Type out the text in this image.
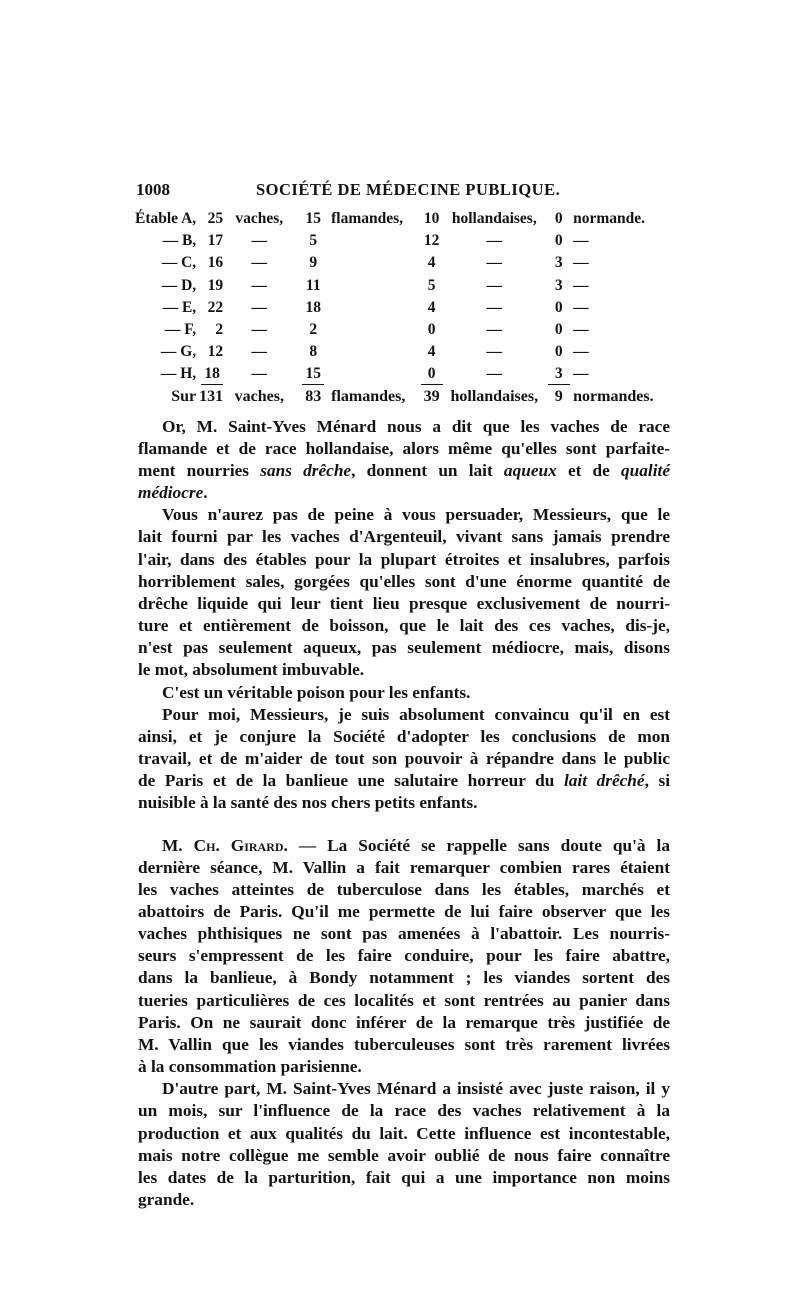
1008	SOCIÉTÉ DE MÉDECINE PUBLIQUE.
Étable A,	25	vaches,	15	flamandes,	10	hollandaises,	0	normande.
— B,	17	—	5		12	—	0	—
— C,	16	—	9		4	—	3	—
— D,	19	—	11		5	—	3	—
— E,	22	—	18		4	—	0	—
— F,	2	—	2		0	—	0	—
— G,	12	—	8		4	—	0	—
— H,	18	—	15		0	—	3	—
Sur	131	vaches,	83	flamandes,	39	hollandaises,	9	normandes.

Or, M. Saint-Yves Ménard nous a dit que les vaches de race
flamande et de race hollandaise, alors même qu'elles sont parfaite-
ment nourries sans drêche, donnent un lait aqueux et de qualité
médiocre.

Vous n'aurez pas de peine à vous persuader, Messieurs, que le
lait fourni par les vaches d'Argenteuil, vivant sans jamais prendre
l'air, dans des étables pour la plupart étroites et insalubres, parfois
horriblement sales, gorgées qu'elles sont d'une énorme quantité de
drêche liquide qui leur tient lieu presque exclusivement de nourri-
ture et entièrement de boisson, que le lait des ces vaches, dis-je,
n'est pas seulement aqueux, pas seulement médiocre, mais, disons
le mot, absolument imbuvable.

C'est un véritable poison pour les enfants.

Pour moi, Messieurs, je suis absolument convaincu qu'il en est
ainsi, et je conjure la Société d'adopter les conclusions de mon
travail, et de m'aider de tout son pouvoir à répandre dans le public
de Paris et de la banlieue une salutaire horreur du lait drêché, si
nuisible à la santé des nos chers petits enfants.

M. Ch. Girard. — La Société se rappelle sans doute qu'à la
dernière séance, M. Vallin a fait remarquer combien rares étaient
les vaches atteintes de tuberculose dans les étables, marchés et
abattoirs de Paris. Qu'il me permette de lui faire observer que les
vaches phthisiques ne sont pas amenées à l'abattoir. Les nourris-
seurs s'empressent de les faire conduire, pour les faire abattre,
dans la banlieue, à Bondy notamment ; les viandes sortent des
tueries particulières de ces localités et sont rentrées au panier dans
Paris. On ne saurait donc inférer de la remarque très justifiée de
M. Vallin que les viandes tuberculeuses sont très rarement livrées
à la consommation parisienne.

D'autre part, M. Saint-Yves Ménard a insisté avec juste raison, il y
un mois, sur l'influence de la race des vaches relativement à la
production et aux qualités du lait. Cette influence est incontestable,
mais notre collègue me semble avoir oublié de nous faire connaître
les dates de la parturition, fait qui a une importance non moins
grande.
